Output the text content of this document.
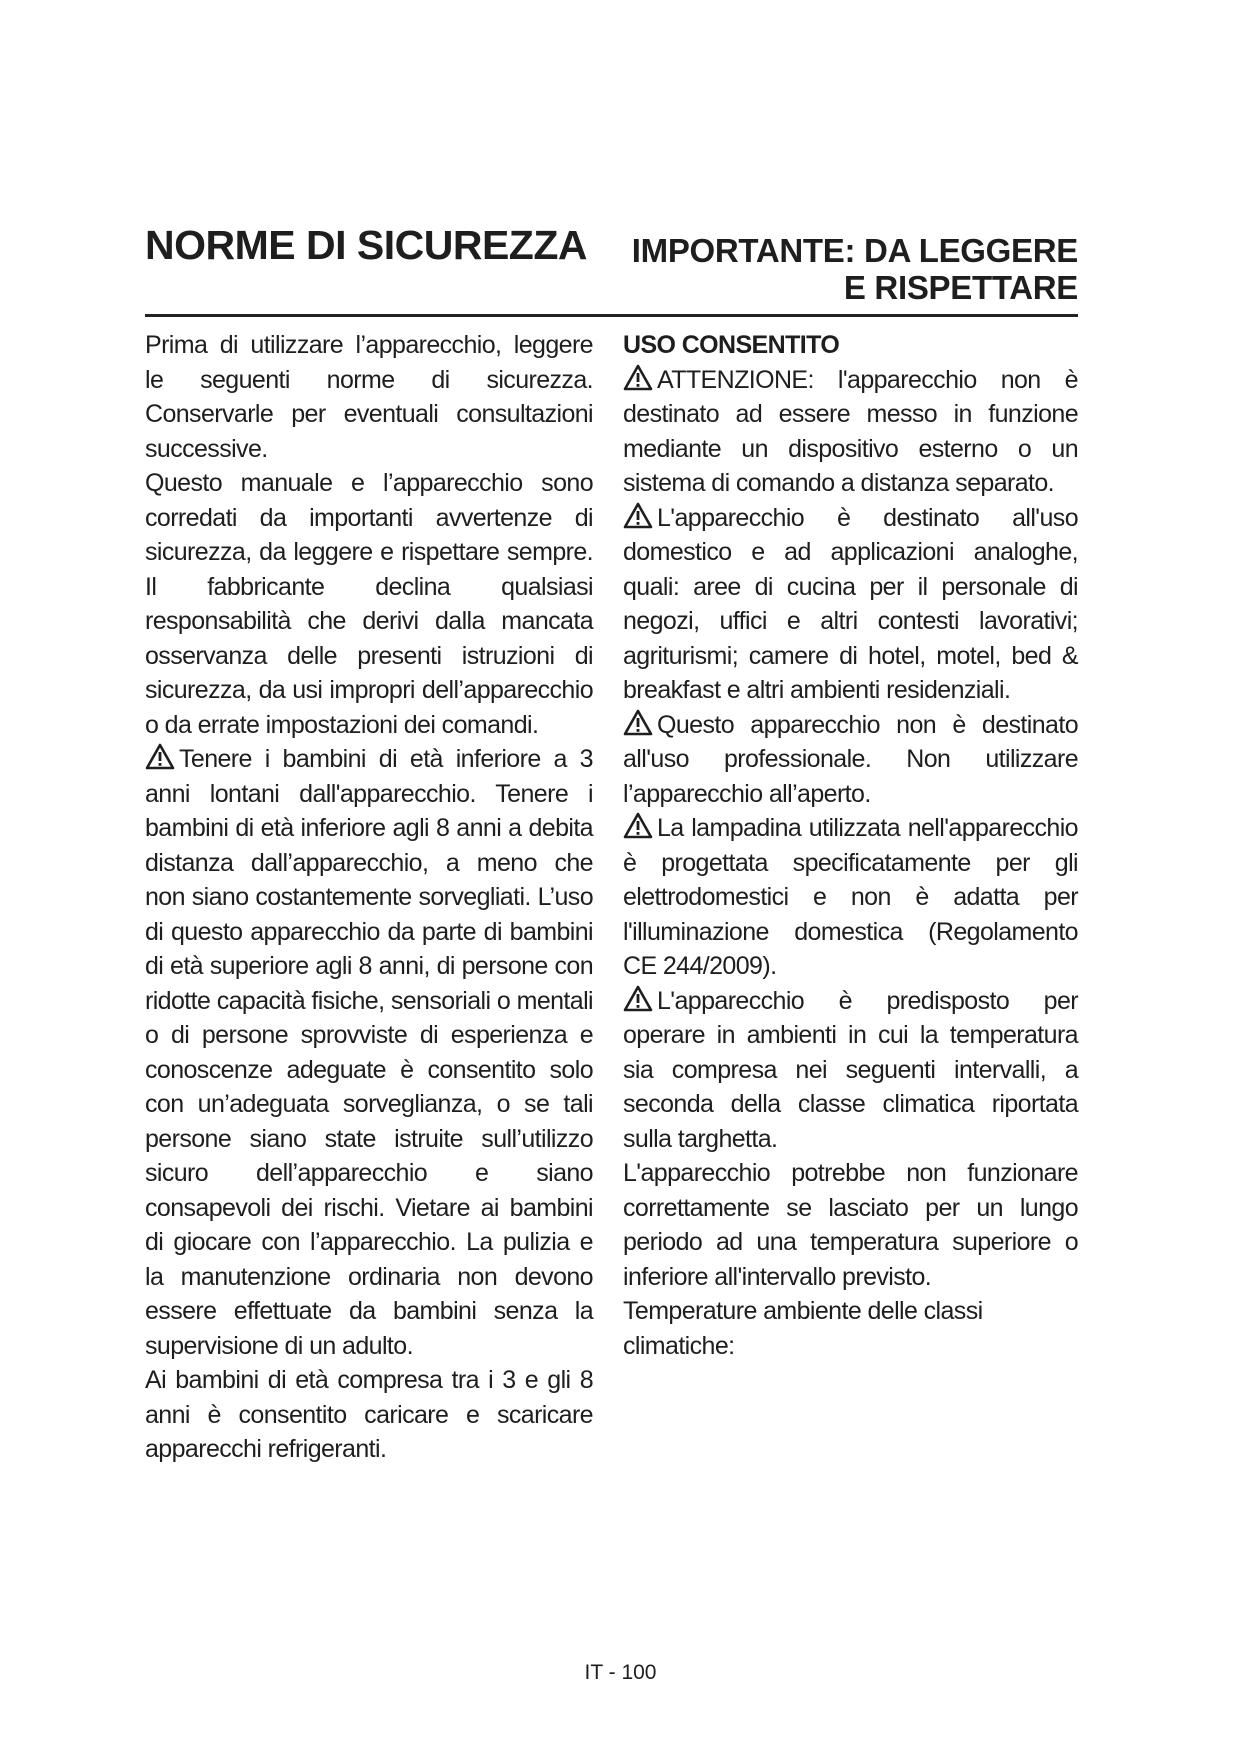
NORME DI SICUREZZA	IMPORTANTE: DA LEGGERE
E RISPETTARE

Prima di utilizzare l’apparecchio, leggere le seguenti norme di sicurezza. Conservarle per eventuali consultazioni successive.

Questo manuale e l’apparecchio sono corredati da importanti avvertenze di sicurezza, da leggere e rispettare sempre. Il fabbricante declina qualsiasi responsabilità che derivi dalla mancata osservanza delle presenti istruzioni di sicurezza, da usi impropri dell’apparecchio o da errate impostazioni dei comandi.

Tenere i bambini di età inferiore a 3 anni lontani dall'apparecchio. Tenere i bambini di età inferiore agli 8 anni a debita distanza dall’apparecchio, a meno che non siano costantemente sorvegliati. L’uso di questo apparecchio da parte di bambini di età superiore agli 8 anni, di persone con ridotte capacità fisiche, sensoriali o mentali o di persone sprovviste di esperienza e conoscenze adeguate è consentito solo con un’adeguata sorveglianza, o se tali persone siano state istruite sull’utilizzo sicuro dell’apparecchio e siano consapevoli dei rischi. Vietare ai bambini di giocare con l’apparecchio. La pulizia e la manutenzione ordinaria non devono essere effettuate da bambini senza la supervisione di un adulto.

Ai bambini di età compresa tra i 3 e gli 8 anni è consentito caricare e scaricare apparecchi refrigeranti.

USO CONSENTITO

ATTENZIONE: l'apparecchio non è destinato ad essere messo in funzione mediante un dispositivo esterno o un sistema di comando a distanza separato.

L'apparecchio è destinato all'uso domestico e ad applicazioni analoghe, quali: aree di cucina per il personale di negozi, uffici e altri contesti lavorativi; agriturismi; camere di hotel, motel, bed & breakfast e altri ambienti residenziali.

Questo apparecchio non è destinato all'uso professionale. Non utilizzare l’apparecchio all’aperto.

La lampadina utilizzata nell'apparecchio è progettata specificatamente per gli elettrodomestici e non è adatta per l'illuminazione domestica (Regolamento CE 244/2009).

L'apparecchio è predisposto per operare in ambienti in cui la temperatura sia compresa nei seguenti intervalli, a seconda della classe climatica riportata sulla targhetta.

L'apparecchio potrebbe non funzionare correttamente se lasciato per un lungo periodo ad una temperatura superiore o inferiore all'intervallo previsto.

Temperature ambiente delle classi climatiche:

IT - 100
